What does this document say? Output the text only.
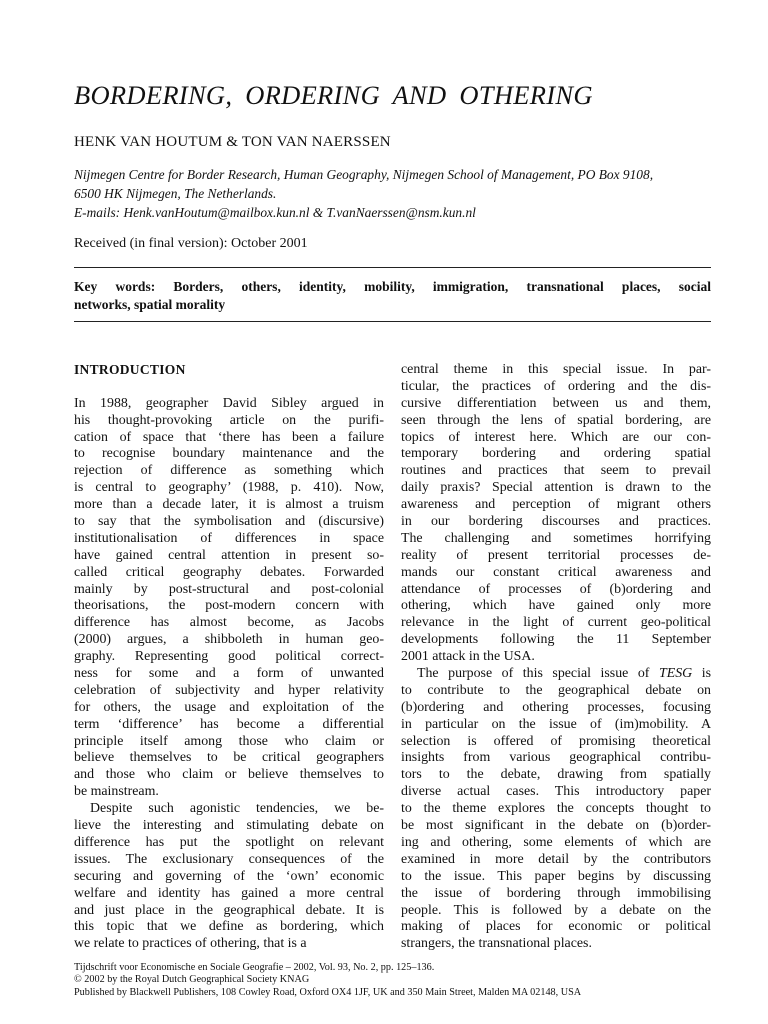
BORDERING, ORDERING AND OTHERING
HENK VAN HOUTUM & TON VAN NAERSSEN
Nijmegen Centre for Border Research, Human Geography, Nijmegen School of Management, PO Box 9108,
6500 HK Nijmegen, The Netherlands.
E-mails: Henk.vanHoutum@mailbox.kun.nl & T.vanNaerssen@nsm.kun.nl
Received (in final version): October 2001
Key words: Borders, others, identity, mobility, immigration, transnational places, social
networks, spatial morality
INTRODUCTION
In 1988, geographer David Sibley argued in
his thought-provoking article on the purifi-
cation of space that ‘there has been a failure
to recognise boundary maintenance and the
rejection of difference as something which
is central to geography’ (1988, p. 410). Now,
more than a decade later, it is almost a truism
to say that the symbolisation and (discursive)
institutionalisation of differences in space
have gained central attention in present so-
called critical geography debates. Forwarded
mainly by post-structural and post-colonial
theorisations, the post-modern concern with
difference has almost become, as Jacobs
(2000) argues, a shibboleth in human geo-
graphy. Representing good political correct-
ness for some and a form of unwanted
celebration of subjectivity and hyper relativity
for others, the usage and exploitation of the
term ‘difference’ has become a differential
principle itself among those who claim or
believe themselves to be critical geographers
and those who claim or believe themselves to
be mainstream.
Despite such agonistic tendencies, we be-
lieve the interesting and stimulating debate on
difference has put the spotlight on relevant
issues. The exclusionary consequences of the
securing and governing of the ‘own’ economic
welfare and identity has gained a more central
and just place in the geographical debate. It is
this topic that we define as bordering, which
we relate to practices of othering, that is a
central theme in this special issue. In par-
ticular, the practices of ordering and the dis-
cursive differentiation between us and them,
seen through the lens of spatial bordering, are
topics of interest here. Which are our con-
temporary bordering and ordering spatial
routines and practices that seem to prevail
daily praxis? Special attention is drawn to the
awareness and perception of migrant others
in our bordering discourses and practices.
The challenging and sometimes horrifying
reality of present territorial processes de-
mands our constant critical awareness and
attendance of processes of (b)ordering and
othering, which have gained only more
relevance in the light of current geo-political
developments following the 11 September
2001 attack in the USA.
The purpose of this special issue of TESG is
to contribute to the geographical debate on
(b)ordering and othering processes, focusing
in particular on the issue of (im)mobility. A
selection is offered of promising theoretical
insights from various geographical contribu-
tors to the debate, drawing from spatially
diverse actual cases. This introductory paper
to the theme explores the concepts thought to
be most significant in the debate on (b)order-
ing and othering, some elements of which are
examined in more detail by the contributors
to the issue. This paper begins by discussing
the issue of bordering through immobilising
people. This is followed by a debate on the
making of places for economic or political
strangers, the transnational places.
Tijdschrift voor Economische en Sociale Geografie – 2002, Vol. 93, No. 2, pp. 125–136.
© 2002 by the Royal Dutch Geographical Society KNAG
Published by Blackwell Publishers, 108 Cowley Road, Oxford OX4 1JF, UK and 350 Main Street, Malden MA 02148, USA
